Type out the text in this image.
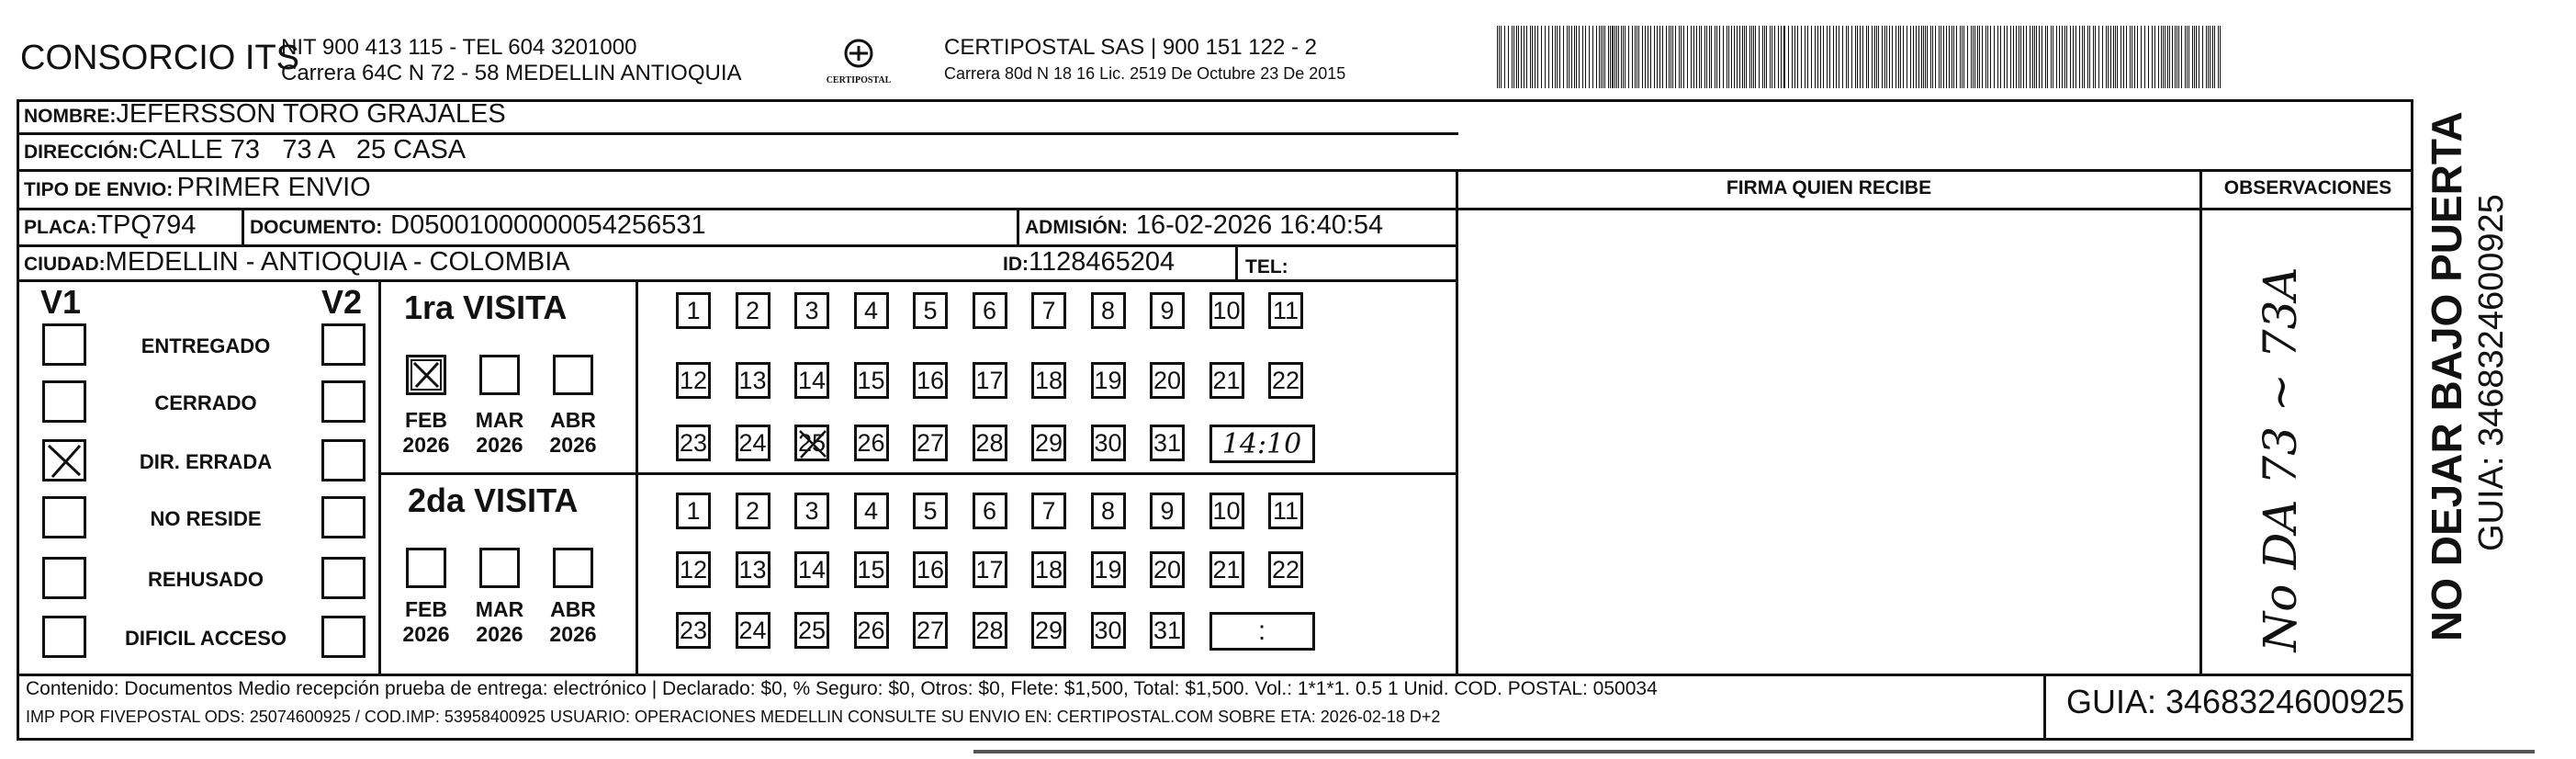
CONSORCIO ITS
NIT 900 413 115 - TEL 604 3201000
Carrera 64C N 72 - 58 MEDELLIN ANTIOQUIA	CERTIPOSTAL
CERTIPOSTAL SAS | 900 151 122 - 2
Carrera 80d N 18 16 Lic. 2519 De Octubre 23 De 2015
NOMBRE:JEFERSSON TORO GRAJALES
DIRECCIÓN:CALLE 73   73 A   25 CASA
TIPO DE ENVIO: PRIMER ENVIO
PLACA:TPQ794	DOCUMENTO: D05001000000054256531	ADMISIÓN: 16-02-2026 16:40:54
CIUDAD:MEDELLIN - ANTIOQUIA - COLOMBIA	ID:1128465204	TEL:
FIRMA QUIEN RECIBE	OBSERVACIONES
No DA 73 ~ 73A
V1	V2
ENTREGADO
CERRADO
DIR. ERRADA
NO RESIDE
REHUSADO
DIFICIL ACCESO
1ra VISITA
2da VISITA
FEB
2026
MAR
2026
ABR
2026
FEB
2026
MAR
2026
ABR
2026
1 2 3 4 5 6 7 8 9 10 11
12 13 14 15 16 17 18 19 20 21 22
23 24 25 26 27 28 29 30 31 14:10
1 2 3 4 5 6 7 8 9 10 11
12 13 14 15 16 17 18 19 20 21 22
23 24 25 26 27 28 29 30 31	:
Contenido: Documentos Medio recepción prueba de entrega: electrónico | Declarado: $0, % Seguro: $0, Otros: $0, Flete: $1,500, Total: $1,500. Vol.: 1*1*1. 0.5 1 Unid. COD. POSTAL: 050034
IMP POR FIVEPOSTAL ODS: 25074600925 / COD.IMP: 53958400925 USUARIO: OPERACIONES MEDELLIN CONSULTE SU ENVIO EN: CERTIPOSTAL.COM SOBRE ETA: 2026-02-18 D+2	GUIA: 3468324600925
NO DEJAR BAJO PUERTA GUIA: 3468324600925
